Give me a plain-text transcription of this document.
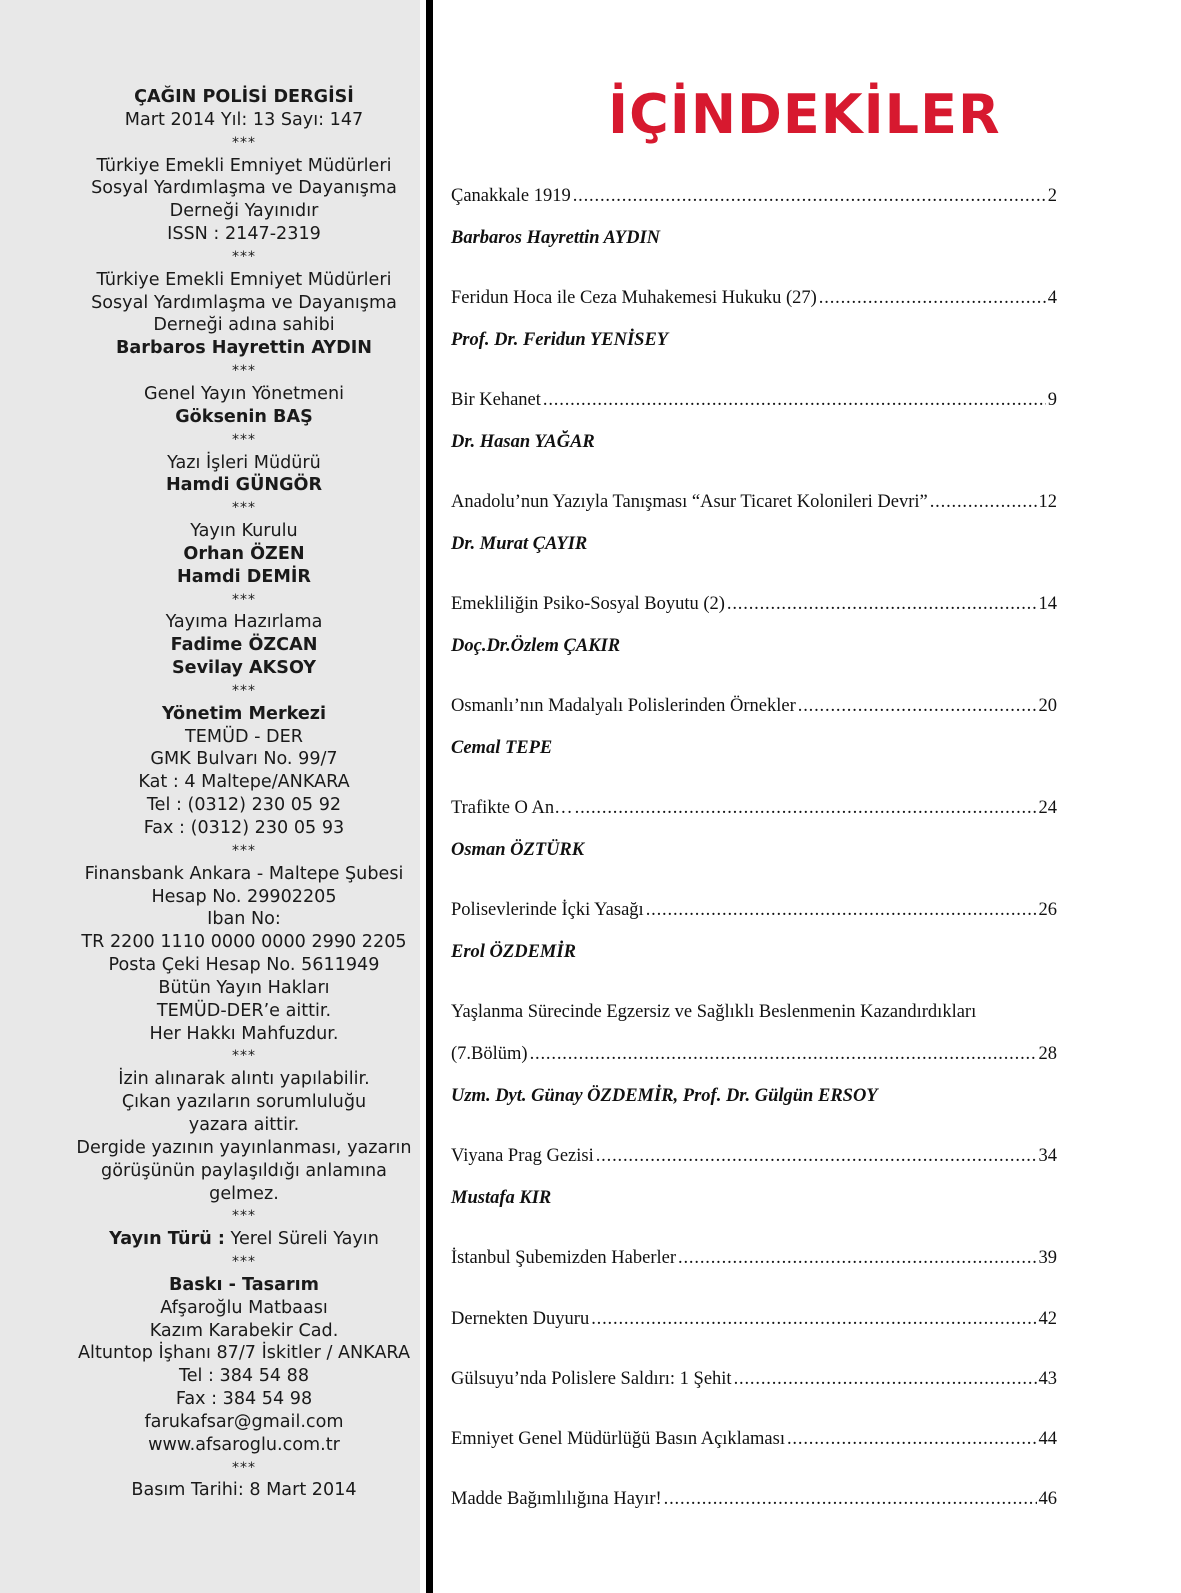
ÇAĞIN POLİSİ DERGİSİ
Mart 2014 Yıl: 13 Sayı: 147
***
Türkiye Emekli Emniyet Müdürleri
Sosyal Yardımlaşma ve Dayanışma
Derneği Yayınıdır
ISSN : 2147-2319
***
Türkiye Emekli Emniyet Müdürleri
Sosyal Yardımlaşma ve Dayanışma
Derneği adına sahibi
Barbaros Hayrettin AYDIN
***
Genel Yayın Yönetmeni
Göksenin BAŞ
***
Yazı İşleri Müdürü
Hamdi GÜNGÖR
***
Yayın Kurulu
Orhan ÖZEN
Hamdi DEMİR
***
Yayıma Hazırlama
Fadime ÖZCAN
Sevilay AKSOY
***
Yönetim Merkezi
TEMÜD - DER
GMK Bulvarı No. 99/7
Kat : 4 Maltepe/ANKARA
Tel : (0312) 230 05 92
Fax : (0312) 230 05 93
***
Finansbank Ankara - Maltepe Şubesi
Hesap No. 29902205
Iban No:
TR 2200 1110 0000 0000 2990 2205
Posta Çeki Hesap No. 5611949
Bütün Yayın Hakları
TEMÜD-DER’e aittir.
Her Hakkı Mahfuzdur.
***
İzin alınarak alıntı yapılabilir.
Çıkan yazıların sorumluluğu
yazara aittir.
Dergide yazının yayınlanması, yazarın
görüşünün paylaşıldığı anlamına
gelmez.
***
Yayın Türü : Yerel Süreli Yayın
***
Baskı - Tasarım
Afşaroğlu Matbaası
Kazım Karabekir Cad.
Altuntop İşhanı 87/7 İskitler / ANKARA
Tel : 384 54 88
Fax : 384 54 98
farukafsar@gmail.com
www.afsaroglu.com.tr
***
Basım Tarihi: 8 Mart 2014
İÇİNDEKİLER
Çanakkale 1919 . . .	2
Barbaros Hayrettin AYDIN
Feridun Hoca ile Ceza Muhakemesi Hukuku (27) . . .	4
Prof. Dr. Feridun YENİSEY
Bir Kehanet . . .	9
Dr. Hasan YAĞAR
Anadolu’nun Yazıyla Tanışması “Asur Ticaret Kolonileri Devri” . . .	12
Dr. Murat ÇAYIR
Emekliliğin Psiko-Sosyal Boyutu (2) . . .	14
Doç.Dr.Özlem ÇAKIR
Osmanlı’nın Madalyalı Polislerinden Örnekler . . .	20
Cemal TEPE
Trafikte O An… . . .	24
Osman ÖZTÜRK
Polisevlerinde İçki Yasağı . . .	26
Erol ÖZDEMİR
Yaşlanma Sürecinde Egzersiz ve Sağlıklı Beslenmenin Kazandırdıkları
(7.Bölüm) . . .	28
Uzm. Dyt. Günay ÖZDEMİR, Prof. Dr. Gülgün ERSOY
Viyana Prag Gezisi . . .	34
Mustafa KIR
İstanbul Şubemizden Haberler . . .	39
Dernekten Duyuru . . .	42
Gülsuyu’nda Polislere Saldırı: 1 Şehit . . .	43
Emniyet Genel Müdürlüğü Basın Açıklaması . . .	44
Madde Bağımlılığına Hayır! . . .	46
